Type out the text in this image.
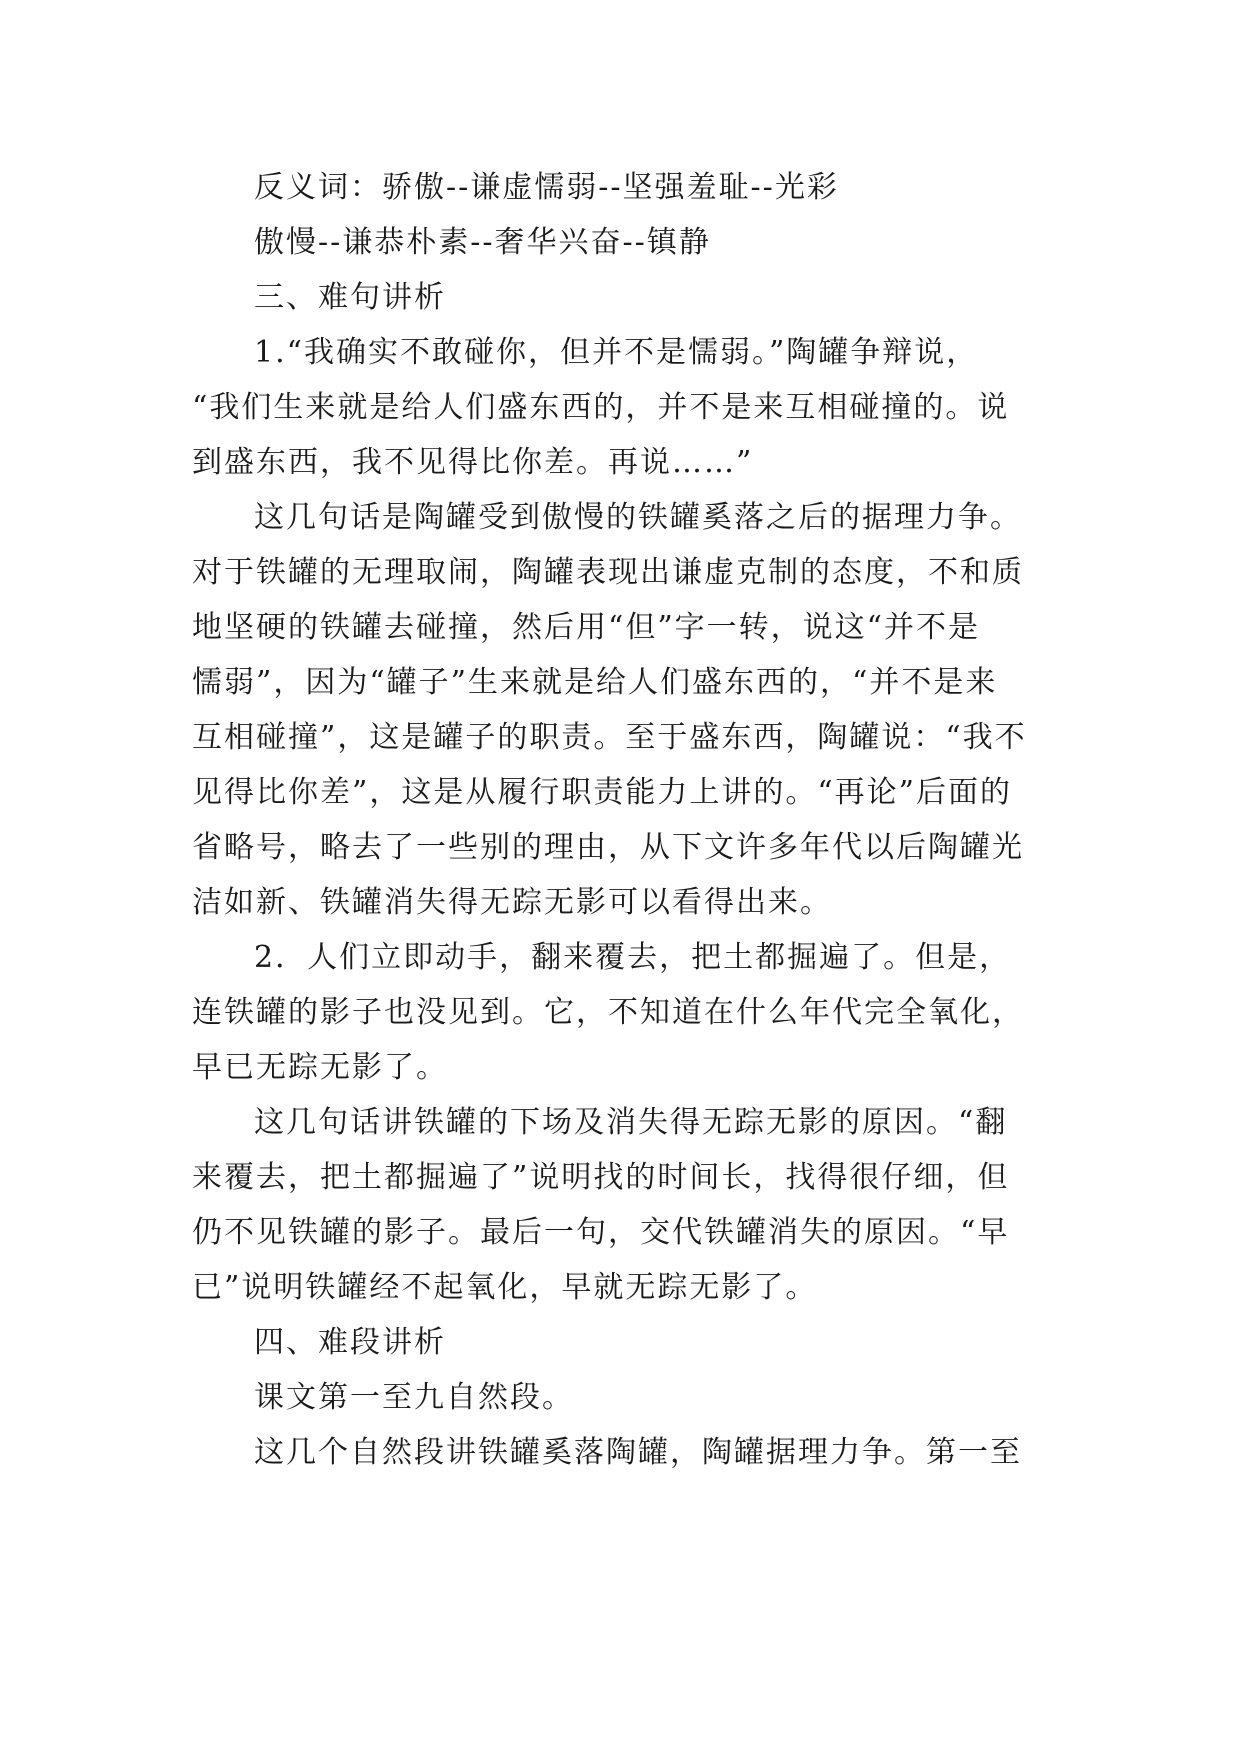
反义词：骄傲--谦虚懦弱--坚强羞耻--光彩

傲慢--谦恭朴素--奢华兴奋--镇静

三、难句讲析

1.“我确实不敢碰你，但并不是懦弱。”陶罐争辩说，
“我们生来就是给人们盛东西的，并不是来互相碰撞的。说
到盛东西，我不见得比你差。再说……”

这几句话是陶罐受到傲慢的铁罐奚落之后的据理力争。
对于铁罐的无理取闹，陶罐表现出谦虚克制的态度，不和质
地坚硬的铁罐去碰撞，然后用“但”字一转，说这“并不是
懦弱”，因为“罐子”生来就是给人们盛东西的，“并不是来
互相碰撞”，这是罐子的职责。至于盛东西，陶罐说：“我不
见得比你差”，这是从履行职责能力上讲的。“再论”后面的
省略号，略去了一些别的理由，从下文许多年代以后陶罐光
洁如新、铁罐消失得无踪无影可以看得出来。

2．人们立即动手，翻来覆去，把土都掘遍了。但是，
连铁罐的影子也没见到。它，不知道在什么年代完全氧化，
早已无踪无影了。

这几句话讲铁罐的下场及消失得无踪无影的原因。“翻
来覆去，把土都掘遍了”说明找的时间长，找得很仔细，但
仍不见铁罐的影子。最后一句，交代铁罐消失的原因。“早
已”说明铁罐经不起氧化，早就无踪无影了。

四、难段讲析

课文第一至九自然段。

这几个自然段讲铁罐奚落陶罐，陶罐据理力争。第一至
